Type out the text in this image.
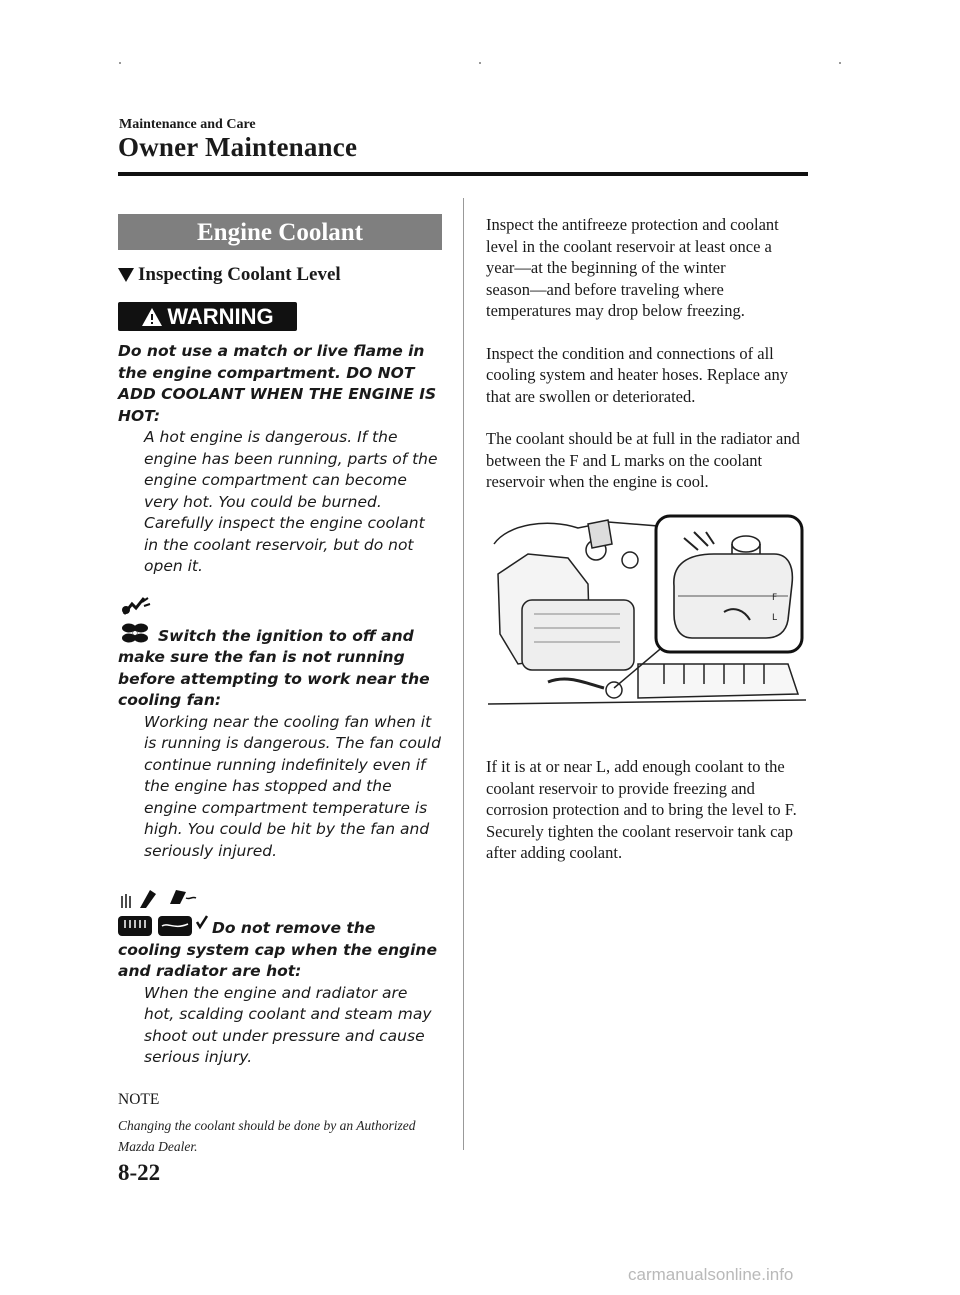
Maintenance and Care
Owner Maintenance
Engine Coolant
Inspecting Coolant Level
WARNING
Do not use a match or live flame in the engine compartment. DO NOT ADD COOLANT WHEN THE ENGINE IS HOT:
A hot engine is dangerous. If the engine has been running, parts of the engine compartment can become very hot. You could be burned. Carefully inspect the engine coolant in the coolant reservoir, but do not open it.
Switch the ignition to off and make sure the fan is not running before attempting to work near the cooling fan:
Working near the cooling fan when it is running is dangerous. The fan could continue running indefinitely even if the engine has stopped and the engine compartment temperature is high. You could be hit by the fan and seriously injured.
Do not remove the cooling system cap when the engine and radiator are hot:
When the engine and radiator are hot, scalding coolant and steam may shoot out under pressure and cause serious injury.
NOTE
Changing the coolant should be done by an Authorized Mazda Dealer.

Inspect the antifreeze protection and coolant level in the coolant reservoir at least once a year―at the beginning of the winter season―and before traveling where temperatures may drop below freezing.

Inspect the condition and connections of all cooling system and heater hoses. Replace any that are swollen or deteriorated.

The coolant should be at full in the radiator and between the F and L marks on the coolant reservoir when the engine is cool.

F
L

If it is at or near L, add enough coolant to the coolant reservoir to provide freezing and corrosion protection and to bring the level to F.

Securely tighten the coolant reservoir tank cap after adding coolant.

8-22
carmanualsonline.info
